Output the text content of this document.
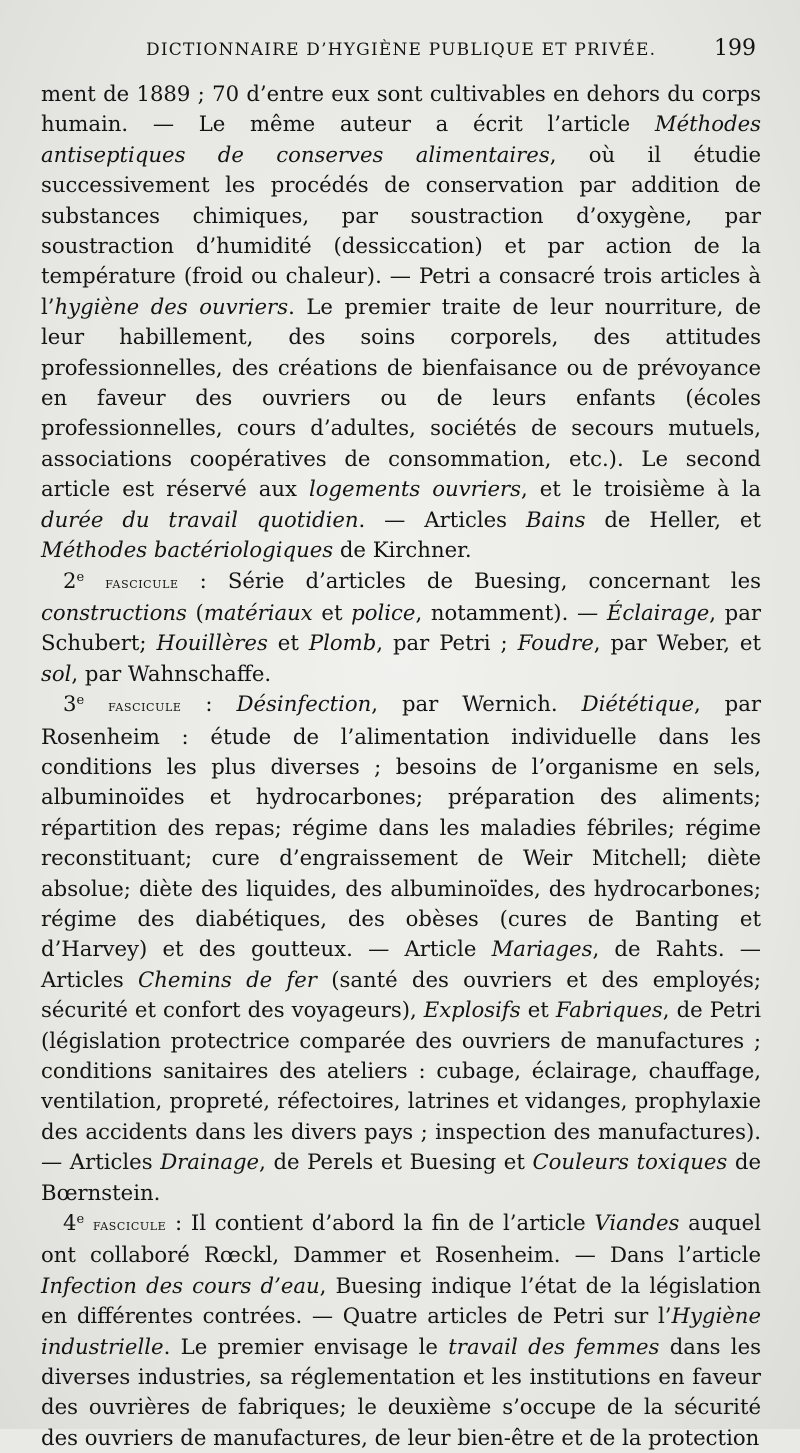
DICTIONNAIRE D’HYGIÈNE PUBLIQUE ET PRIVÉE.	199

ment de 1889 ; 70 d’entre eux sont cultivables en dehors du corps humain. — Le même auteur a écrit l’article Méthodes antiseptiques de conserves alimentaires, où il étudie successivement les procédés de conservation par addition de substances chimiques, par soustraction d’oxygène, par soustraction d’humidité (dessiccation) et par action de la température (froid ou chaleur). — Petri a consacré trois articles à l’hygiène des ouvriers. Le premier traite de leur nourriture, de leur habillement, des soins corporels, des attitudes professionnelles, des créations de bienfaisance ou de prévoyance en faveur des ouvriers ou de leurs enfants (écoles professionnelles, cours d’adultes, sociétés de secours mutuels, associations coopératives de consommation, etc.). Le second article est réservé aux logements ouvriers, et le troisième à la durée du travail quotidien. — Articles Bains de Heller, et Méthodes bactériologiques de Kirchner.

2e fascicule : Série d’articles de Buesing, concernant les constructions (matériaux et police, notamment). — Éclairage, par Schubert; Houillères et Plomb, par Petri ; Foudre, par Weber, et sol, par Wahnschaffe.

3e fascicule : Désinfection, par Wernich. Diététique, par Rosenheim : étude de l’alimentation individuelle dans les conditions les plus diverses ; besoins de l’organisme en sels, albuminoïdes et hydrocarbones; préparation des aliments; répartition des repas; régime dans les maladies fébriles; régime reconstituant; cure d’engraissement de Weir Mitchell; diète absolue; diète des liquides, des albuminoïdes, des hydrocarbones; régime des diabétiques, des obèses (cures de Banting et d’Harvey) et des goutteux. — Article Mariages, de Rahts. — Articles Chemins de fer (santé des ouvriers et des employés; sécurité et confort des voyageurs), Explosifs et Fabriques, de Petri (législation protectrice comparée des ouvriers de manufactures ; conditions sanitaires des ateliers : cubage, éclairage, chauffage, ventilation, propreté, réfectoires, latrines et vidanges, prophylaxie des accidents dans les divers pays ; inspection des manufactures). — Articles Drainage, de Perels et Buesing et Couleurs toxiques de Bœrnstein.

4e fascicule : Il contient d’abord la fin de l’article Viandes auquel ont collaboré Rœckl, Dammer et Rosenheim. — Dans l’article Infection des cours d’eau, Buesing indique l’état de la législation en différentes contrées. — Quatre articles de Petri sur l’Hygiène industrielle. Le premier envisage le travail des femmes dans les diverses industries, sa réglementation et les institutions en faveur des ouvrières de fabriques; le deuxième s’occupe de la sécurité des ouvriers de manufactures, de leur bien-être et de la protection
